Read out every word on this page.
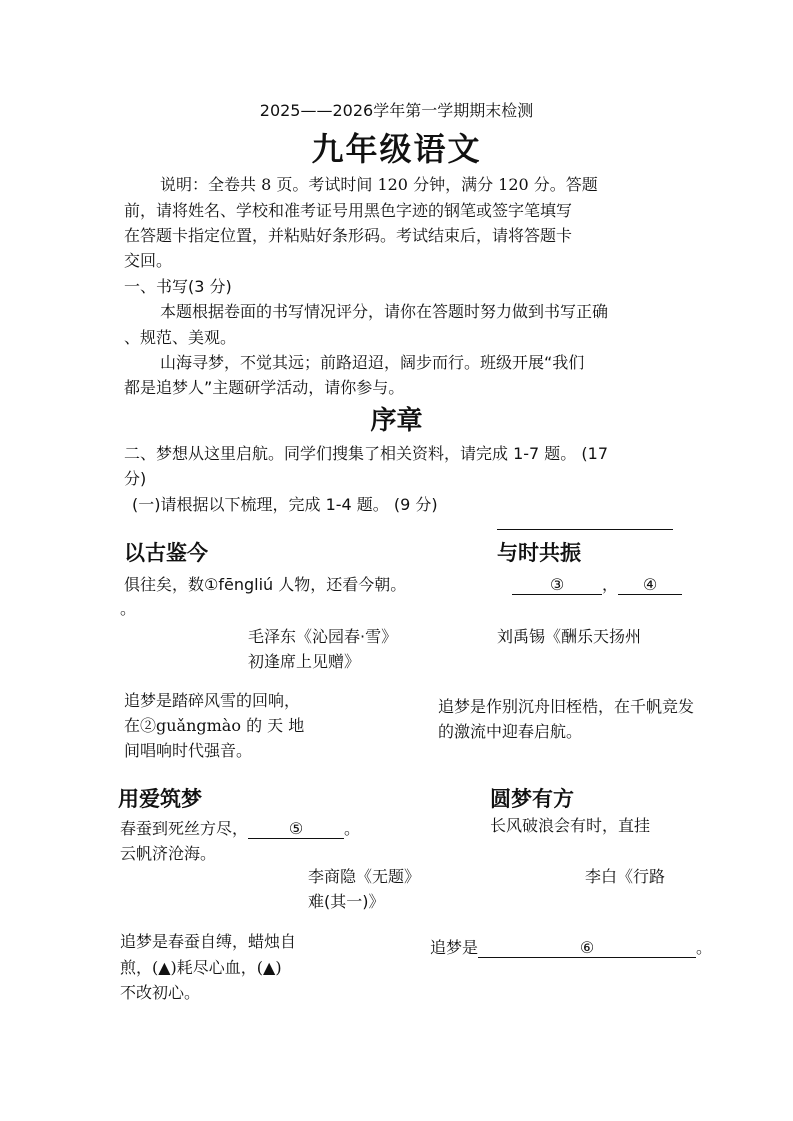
2025——2026学年第一学期期末检测
九年级语文
说明：全卷共 8 页。考试时间 120 分钟，满分 120 分。答题
前，请将姓名、学校和准考证号用黑色字迹的钢笔或签字笔填写
在答题卡指定位置，并粘贴好条形码。考试结束后，请将答题卡
交回。
一、书写(3 分)
本题根据卷面的书写情况评分，请你在答题时努力做到书写正确
、规范、美观。
山海寻梦，不觉其远；前路迢迢，阔步而行。班级开展“我们
都是追梦人”主题研学活动，请你参与。
序章
二、梦想从这里启航。同学们搜集了相关资料，请完成 1-7 题。 (17
分)
(一)请根据以下梳理，完成 1-4 题。 (9 分)
以古鉴今
俱往矣，数①fēngliú 人物，还看今朝。
。
毛泽东《沁园春·雪》
初逢席上见赠》
追梦是踏碎风雪的回响，
在②guǎngmào 的 天 地
间唱响时代强音。
与时共振
③ ， ④
刘禹锡《酬乐天扬州
追梦是作别沉舟旧桎梏，在千帆竞发
的激流中迎春启航。
用爱筑梦
春蚕到死丝方尽，	⑤	。
云帆济沧海。
李商隐《无题》
难(其一)》
追梦是春蚕自缚，蜡烛自
煎，(▲)耗尽心血，(▲)
不改初心。
圆梦有方
长风破浪会有时，直挂
李白《行路
追梦是	⑥	。
